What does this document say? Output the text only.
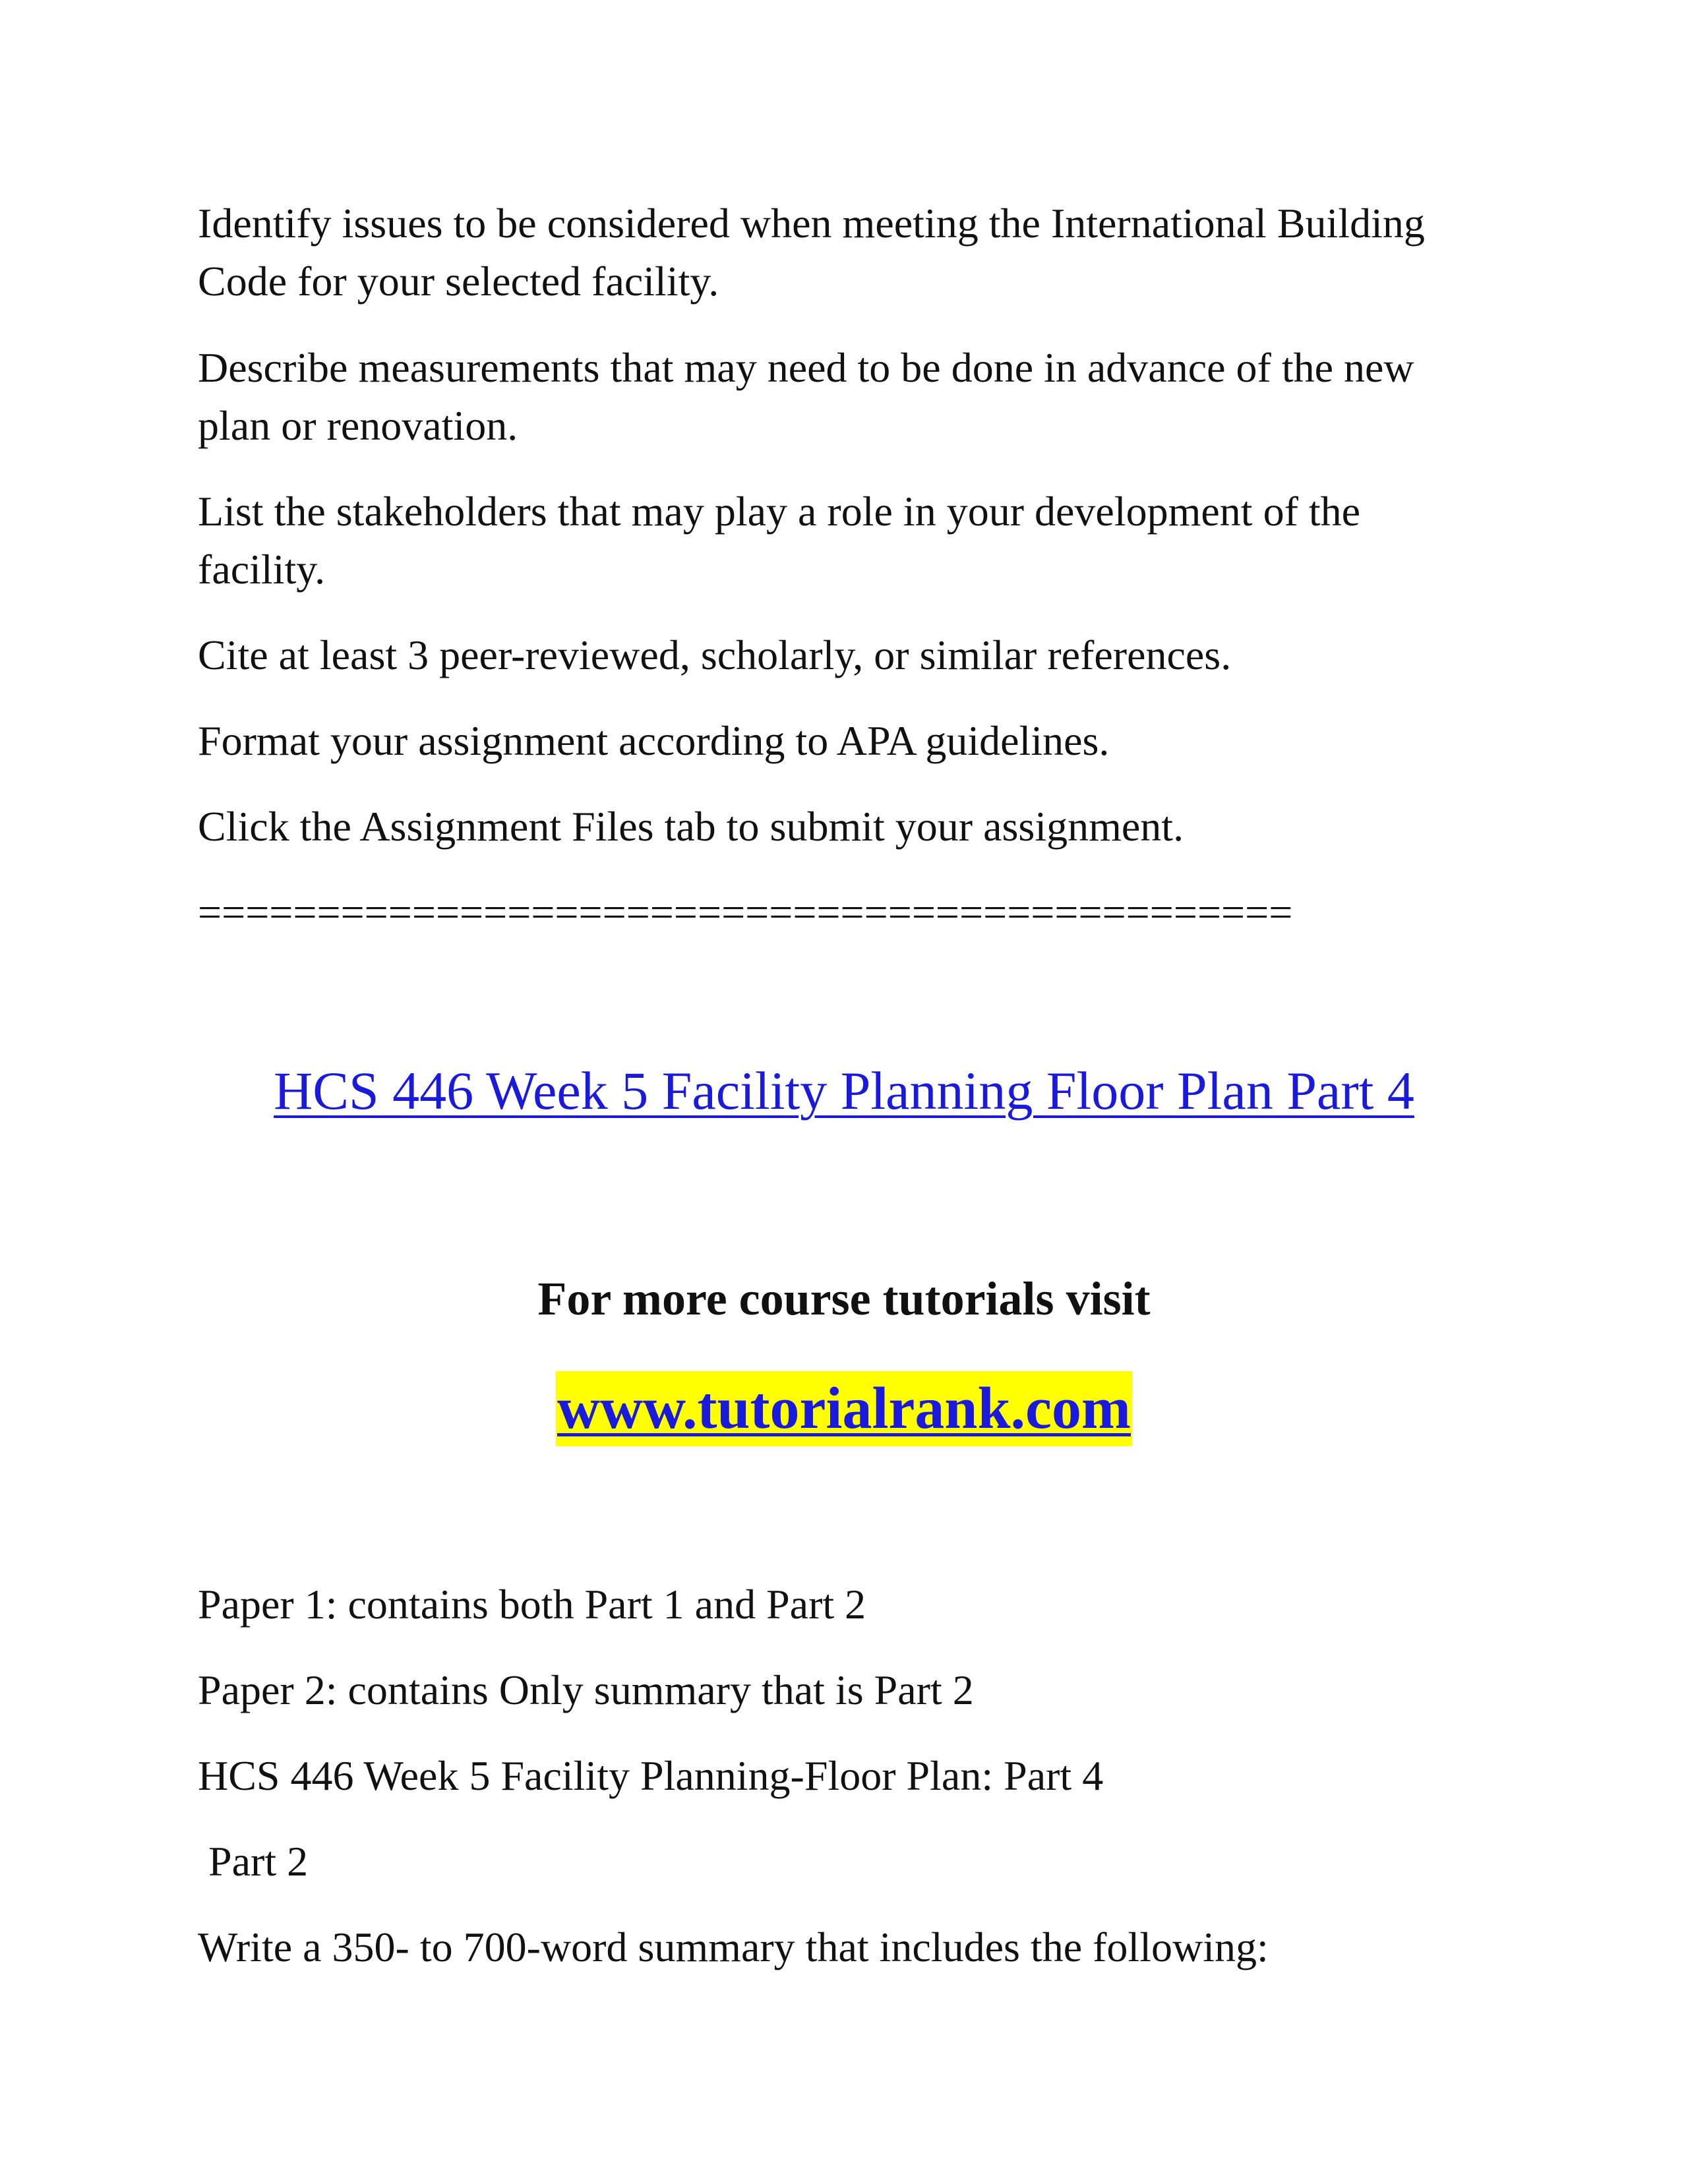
Identify issues to be considered when meeting the International Building Code for your selected facility.

Describe measurements that may need to be done in advance of the new plan or renovation.

List the stakeholders that may play a role in your development of the facility.

Cite at least 3 peer-reviewed, scholarly, or similar references.

Format your assignment according to APA guidelines.

Click the Assignment Files tab to submit your assignment.

==============================================

HCS 446 Week 5 Facility Planning Floor Plan Part 4

For more course tutorials visit

www.tutorialrank.com

Paper 1: contains both Part 1 and Part 2

Paper 2: contains Only summary that is Part 2

HCS 446 Week 5 Facility Planning-Floor Plan: Part 4

Part 2

Write a 350- to 700-word summary that includes the following:
